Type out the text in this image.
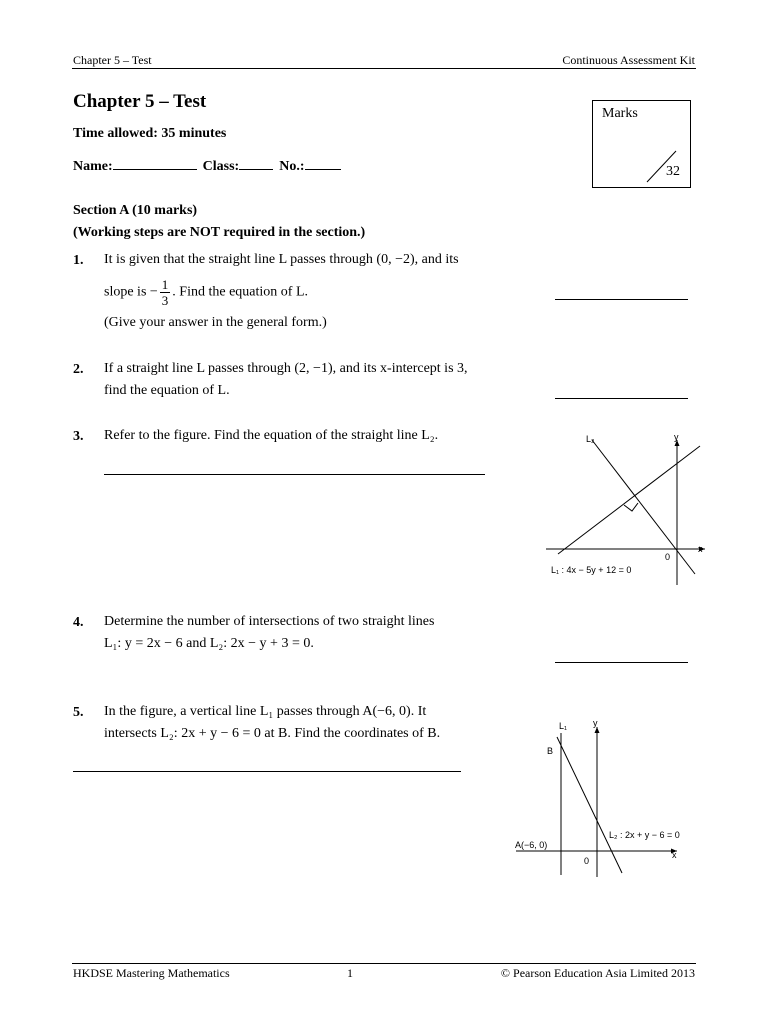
Chapter 5 – Test	Continuous Assessment Kit
Chapter 5 – Test
Time allowed: 35 minutes
Name:	Class:	No.:
Marks
32
Section A (10 marks)
(Working steps are NOT required in the section.)
1. It is given that the straight line L passes through (0, −2), and its
slope is − $\frac{1}{3}$ . Find the equation of L.
(Give your answer in the general form.)
2. If a straight line L passes through (2, −1), and its x-intercept is 3,
find the equation of L.
3. Refer to the figure. Find the equation of the straight line L₂.	L₂	y
x
0
L₁ : 4x − 5y + 12 = 0
4. Determine the number of intersections of two straight lines
L₁: y = 2x − 6 and L₂: 2x − y + 3 = 0.
5. In the figure, a vertical line L₁ passes through A(−6, 0). It
intersects L₂: 2x + y − 6 = 0 at B. Find the coordinates of B.	L₁	y
B
x
0
A(−6, 0)
L₂ : 2x + y − 6 = 0
HKDSE Mastering Mathematics	1	© Pearson Education Asia Limited 2013
